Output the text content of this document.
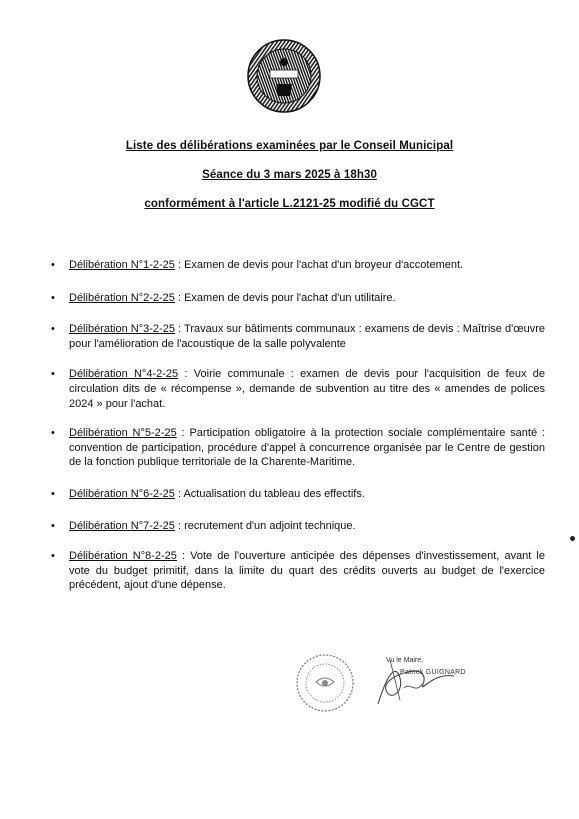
Liste des délibérations examinées par le Conseil Municipal
Séance du 3 mars 2025 à 18h30
conformément à l'article L.2121-25 modifié du CGCT
• Délibération N°1-2-25 : Examen de devis pour l'achat d'un broyeur d'accotement.
• Délibération N°2-2-25 : Examen de devis pour l'achat d'un utilitaire.
• Délibération N°3-2-25 : Travaux sur bâtiments communaux : examens de devis : Maîtrise d'œuvre pour l'amélioration de l'acoustique de la salle polyvalente
• Délibération N°4-2-25 : Voirie communale : examen de devis pour l'acquisition de feux de circulation dits de « récompense », demande de subvention au titre des « amendes de polices 2024 » pour l'achat.
• Délibération N°5-2-25 : Participation obligatoire à la protection sociale complémentaire santé : convention de participation, procédure d'appel à concurrence organisée par le Centre de gestion de la fonction publique territoriale de la Charente-Maritime.
• Délibération N°6-2-25 : Actualisation du tableau des effectifs.
• Délibération N°7-2-25 : recrutement d'un adjoint technique.
• Délibération N°8-2-25 : Vote de l'ouverture anticipée des dépenses d'investissement, avant le vote du budget primitif, dans la limite du quart des crédits ouverts au budget de l'exercice précédent, ajout d'une dépense.
Vu le Maire,
Patrick GUIGNARD
